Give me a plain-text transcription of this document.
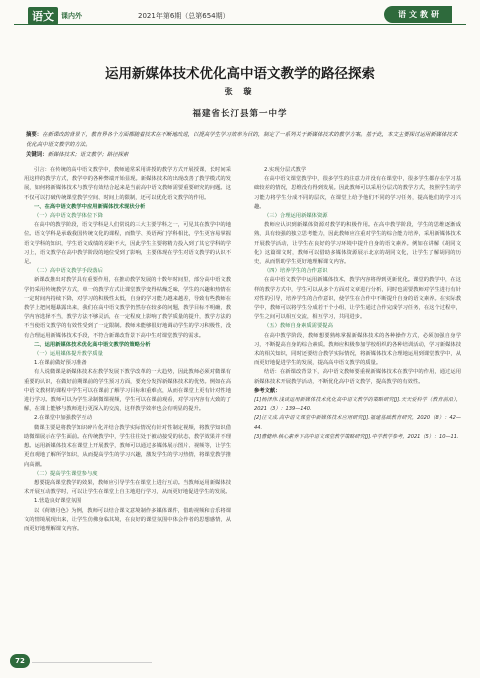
语文	课内外	2021年第6期（总第654期）	语文教研
运用新媒体技术优化高中语文教学的路径探索
张 璇
福建省长汀县第一中学
摘要：在新课改的背景下，教育界各个方面都随着技术在不断地改进，以提高学生学习效率为目的，制定了一系列关于新媒体技术的教学方案。基于此，本文主要探讨运用新媒体技术优化高中语文教学的方法。
关键词：新媒体技术；语文教学；路径探索

引言：在传统的高中语文教学中，教师通常采用讲授的教学方式开展授课，长时间采用这样的教学方式，教学中的各种弊端开始显现。新媒体技术的出现改善了教学模式的发展，如何将新媒体技术与教学有效结合起来是当前高中语文教师需要重要研究的问题。这不仅可以打破传统课堂教学空间、时间上的限制，还可以优化语文教学的作用。

一、在高中语文教学中应用新媒体技术现状分析

（一）高中语文教学体位下降

在高中的教学阶段，语文学科是人们常说的三大主要学科之一，可见其在教学中的地位。语文学科是承载我国传统文化的课程，而数学、英语两门学科相比，学生更容易掌握语文学科的知识，学生语文成绩的差距不大，因此学生主要将精力投入到了其它学科的学习上，语文教学在高中教学阶段的地位受到了影响，主要体现在学生对语文教学的认识不足。

（二）高中语文教学手段落后

新课改推出对教学具有重要作用，在推动教学发展的十数年时间里，部分高中语文教学仍采用传统教学方式，单一的教学方式让课堂教学变得枯燥乏味，学生的兴趣和热情在一定时间内持续下降，对学习的积极性太低，自身的学习能力越来越差，导致有些教师在教学上把问题暴露出来，我们在高中语文教学仍然存在较多的问题，教学目标不明确，教学内容选择不当，教学方法不够灵活，在一定程度上影响了教学质量的提升，教学方法的不当使语文教学的有效性受到了一定限制。教师未能够很好地调动学生的学习积极性，没有合理运用新媒体技术手段，不符合新课改背景下高中生对课堂教学的需求。

二、运用新媒体技术优化高中语文教学的策略分析

（一）运用媒体提升教学质量

1.在课前做好预习准备

有人说微课是新媒体技术在教学发展下教学改革的一大趋势，因此教师必须对微课有重要的认识，在做好前期课前的学生预习方面，要充分发挥新媒体技术的优势。例如在高中语文教材的课程中学生可以在课前了解学习目标和重难点，从而在课堂上更有针对性地进行学习。教师可以为学生录制微课视频，学生可以在课前观看，对学习内容有大致的了解，在课上能够与教师进行更深入的交流，这样教学效率也会有明显的提升。

2.在课堂中加强教学互动

微课主要是将教学知识碎片化并结合教学实际情况有针对性制定视频，将教学知识借助微课展示在学生面前。在传统教学中，学生往往处于被动接受的状态，教学效果并不理想。运用新媒体技术在课堂上开展教学，教师可以通过多媒体展示图片、视频等，让学生更直观地了解所学知识，从而提高学生的学习兴趣，激发学生的学习热情，将课堂教学推向高潮。

（二）提高学生课堂参与度

想要提高课堂教学的效果，教师应引导学生在课堂上进行互动。当教师运用新媒体技术开展互动教学时，可以让学生在课堂上自主地进行学习，从而更好地促进学生的发展。

1.营造良好课堂氛围

以《荷塘月色》为例，教师可以结合课文意境制作多媒体课件，借助视频和音乐将课文的情境展现出来，让学生仿佛身临其境，在良好的课堂氛围中体会作者的思想感情，从而更好地理解课文内容。

2.实现分层式教学

在高中语文课堂教学中，很多学生的注意力并没有在课堂中，很多学生都存在学习基础较差的情况，思维没有得到发展。因此教师可以采用分层式的教学方式，按照学生的学习能力将学生分成不同的层次，在课堂上给予他们不同的学习任务，提高他们的学习兴趣。

（三）合理运用新媒体资源

教师应认识到新媒体资源对教学的积极作用。在高中教学阶段，学生的思维逐渐成熟，具有较强的独立思考能力，因此教师应注重对学生的综合能力培养，采用新媒体技术开展教学活动，让学生在良好的学习环境中提升自身的语文素养。例如在讲解《胡同文化》这篇课文时，教师可以借助多媒体资源展示北京的胡同文化，让学生了解胡同的历史，从而帮助学生更好地理解课文内容。

（四）培养学生的合作意识

在高中语文教学中运用新媒体技术，教学内容将得到更新优化。课堂的教学中，在这样的教学方式中，学生可以从多个方面对文章进行分析，同时也需要教师对学生进行有针对性的引导，培养学生的合作意识，使学生在合作中不断提升自身的语文素养。在实际教学中，教师可以将学生分成若干个小组，让学生通过合作完成学习任务，在这个过程中，学生之间可以相互交流，相互学习，共同进步。

（五）教师自身素质需要提高

在高中教学阶段，教师想要熟练掌握新媒体技术的各种操作方式，必须加强自身学习，不断提高自身的综合素质。教师应积极参加学校组织的各种培训活动，学习新媒体技术的相关知识，同时还要结合教学实际情况，将新媒体技术合理地运用到课堂教学中，从而更好地促进学生的发展，提高高中语文教学的质量。

结语：在新课改背景下，高中语文教师要重视新媒体技术在教学中的作用，通过运用新媒体技术开展教学活动，不断优化高中语文教学，提高教学的有效性。

参考文献：

[1]杨泽伟.浅谈运用新媒体技术优化高中语文教学的策略研究[J].天天爱科学（教育前沿），2021（3）：139—140.

[2]汪文成.高中语文课堂中新媒体技术应用研究[J].福建基础教育研究，2020（8）：42—44.

[3]曹健坤.核心素养下高中语文课堂教学策略研究[J].中学教学参考，2021（5）：10—11.

72
